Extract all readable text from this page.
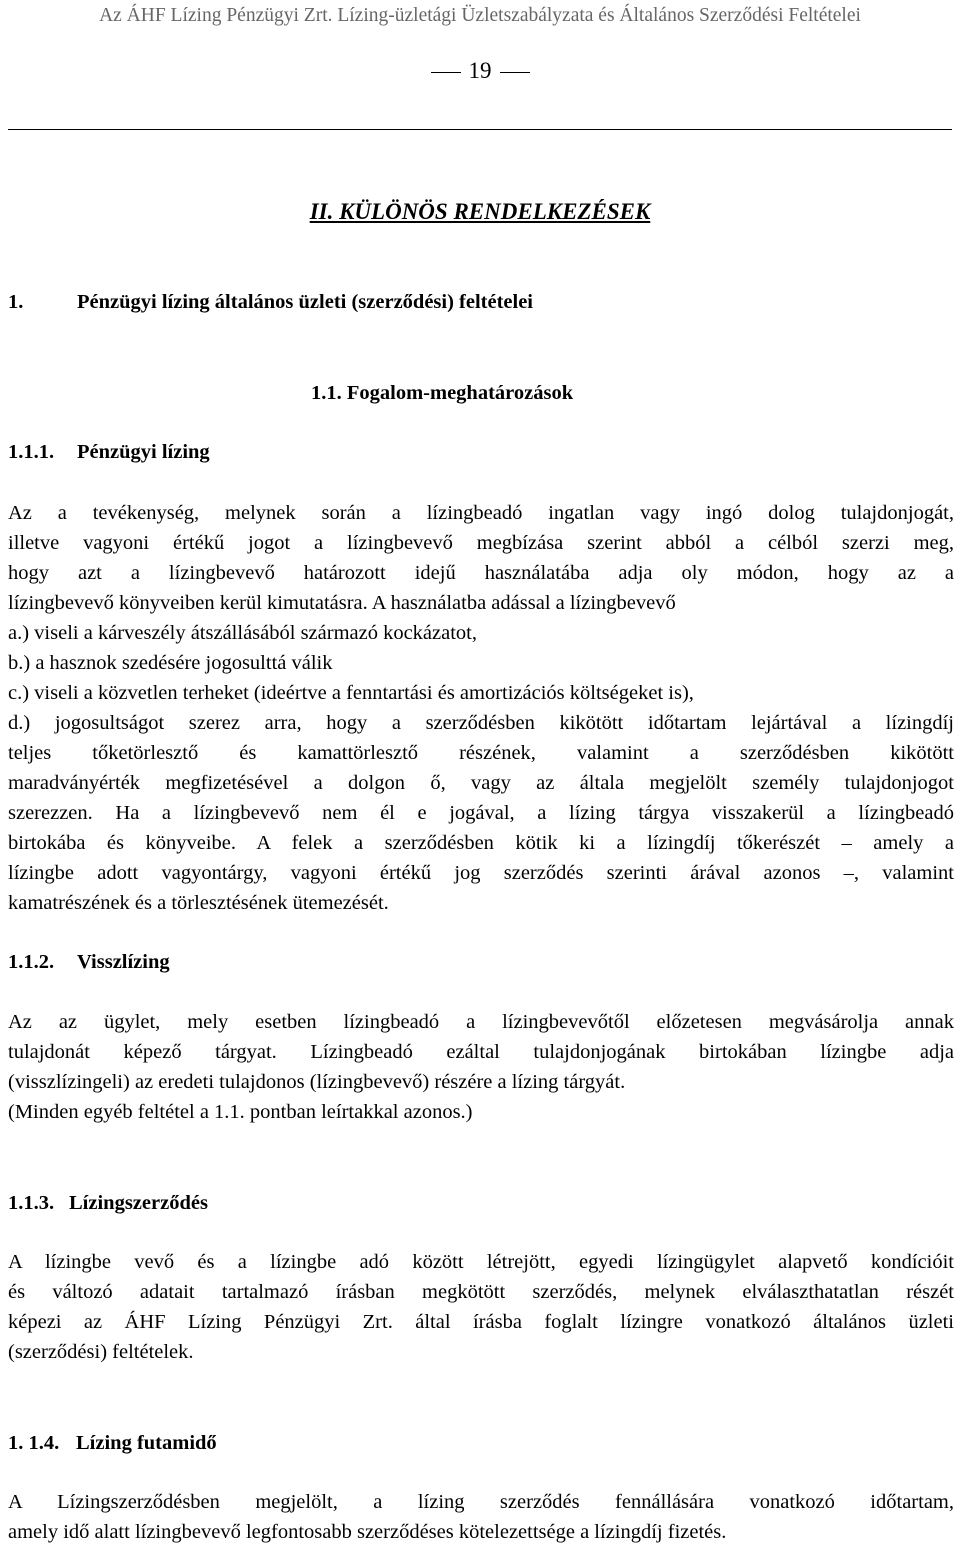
Az ÁHF Lízing Pénzügyi Zrt. Lízing-üzletági Üzletszabályzata és Általános Szerződési Feltételei
19
II. KÜLÖNÖS RENDELKEZÉSEK
1.	Pénzügyi lízing általános üzleti (szerződési) feltételei
1.1. Fogalom-meghatározások
1.1.1. Pénzügyi lízing

Az a tevékenység, melynek során a lízingbeadó ingatlan vagy ingó dolog tulajdonjogát,

illetve vagyoni értékű jogot a lízingbevevő megbízása szerint abból a célból szerzi meg,

hogy azt a lízingbevevő határozott idejű használatába adja oly módon, hogy az a

lízingbevevő könyveiben kerül kimutatásra. A használatba adással a lízingbevevő

a.) viseli a kárveszély átszállásából származó kockázatot,

b.) a hasznok szedésére jogosulttá válik

c.) viseli a közvetlen terheket (ideértve a fenntartási és amortizációs költségeket is),

d.) jogosultságot szerez arra, hogy a szerződésben kikötött időtartam lejártával a lízingdíj

teljes tőketörlesztő és kamattörlesztő részének, valamint a szerződésben kikötött

maradványérték megfizetésével a dolgon ő, vagy az általa megjelölt személy tulajdonjogot

szerezzen. Ha a lízingbevevő nem él e jogával, a lízing tárgya visszakerül a lízingbeadó

birtokába és könyveibe. A felek a szerződésben kötik ki a lízingdíj tőkerészét – amely a

lízingbe adott vagyontárgy, vagyoni értékű jog szerződés szerinti árával azonos –, valamint

kamatrészének és a törlesztésének ütemezését.

1.1.2. Visszlízing

Az az ügylet, mely esetben lízingbeadó a lízingbevevőtől előzetesen megvásárolja annak

tulajdonát képező tárgyat. Lízingbeadó ezáltal tulajdonjogának birtokában lízingbe adja

(visszlízingeli) az eredeti tulajdonos (lízingbevevő) részére a lízing tárgyát.

(Minden egyéb feltétel a 1.1. pontban leírtakkal azonos.)

1.1.3. Lízingszerződés

A lízingbe vevő és a lízingbe adó között létrejött, egyedi lízingügylet alapvető kondícióit

és változó adatait tartalmazó írásban megkötött szerződés, melynek elválaszthatatlan részét

képezi az ÁHF Lízing Pénzügyi Zrt. által írásba foglalt lízingre vonatkozó általános üzleti

(szerződési) feltételek.

1. 1.4. Lízing futamidő

A Lízingszerződésben megjelölt, a lízing szerződés fennállására vonatkozó időtartam,

amely idő alatt lízingbevevő legfontosabb szerződéses kötelezettsége a lízingdíj fizetés.
